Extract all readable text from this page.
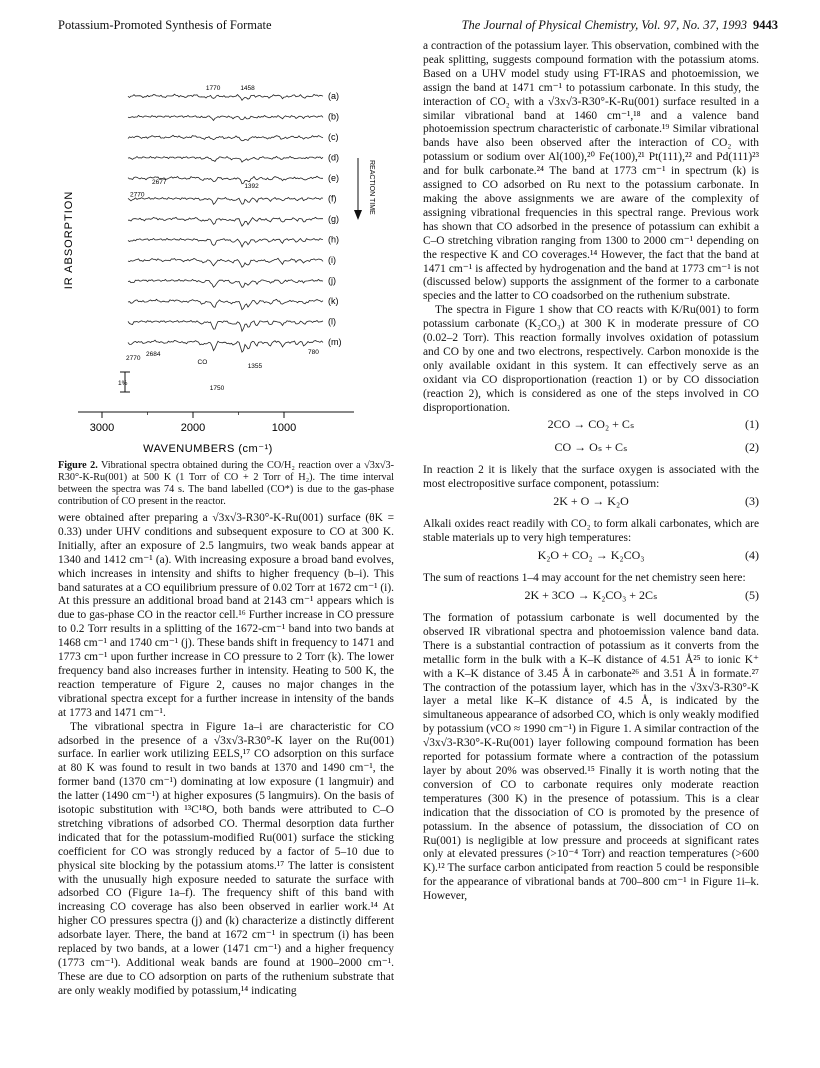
Potassium-Promoted Synthesis of Formate	The Journal of Physical Chemistry, Vol. 97, No. 37, 1993 9443
IR ABSORPTION
WAVENUMBERS (cm⁻¹)
(a)
(b)
(c)
(d)
(e)
(f)
(g)
(h)
(i)
(j)
(k)
(l)
(m)
1770	1458
2770
2677
1392
2770
2684
CO
1355
780
REACTION TIME
1%
1750
3000	2000	1000
Figure 2. Vibrational spectra obtained during the CO/H₂ reaction over a √3x√3-R30°-K-Ru(001) at 500 K (1 Torr of CO + 2 Torr of H₂). The time interval between the spectra was 74 s. The band labelled (CO*) is due to the gas-phase contribution of CO present in the reactor.

were obtained after preparing a √3x√3-R30°-K-Ru(001) surface (θK = 0.33) under UHV conditions and subsequent exposure to CO at 300 K. Initially, after an exposure of 2.5 langmuirs, two weak bands appear at 1340 and 1412 cm⁻¹ (a). With increasing exposure a broad band evolves, which increases in intensity and shifts to higher frequency (b–i). This band saturates at a CO equilibrium pressure of 0.02 Torr at 1672 cm⁻¹ (i). At this pressure an additional broad band at 2143 cm⁻¹ appears which is due to gas-phase CO in the reactor cell.¹⁶ Further increase in CO pressure to 0.2 Torr results in a splitting of the 1672-cm⁻¹ band into two bands at 1468 cm⁻¹ and 1740 cm⁻¹ (j). These bands shift in frequency to 1471 and 1773 cm⁻¹ upon further increase in CO pressure to 2 Torr (k). The lower frequency band also increases further in intensity. Heating to 500 K, the reaction temperature of Figure 2, causes no major changes in the vibrational spectra except for a further increase in intensity of the bands at 1773 and 1471 cm⁻¹.

The vibrational spectra in Figure 1a–i are characteristic for CO adsorbed in the presence of a √3x√3-R30°-K layer on the Ru(001) surface. In earlier work utilizing EELS,¹⁷ CO adsorption on this surface at 80 K was found to result in two bands at 1370 and 1490 cm⁻¹, the former band (1370 cm⁻¹) dominating at low exposure (1 langmuir) and the latter (1490 cm⁻¹) at higher exposures (5 langmuirs). On the basis of isotopic substitution with ¹³C¹⁸O, both bands were attributed to C–O stretching vibrations of adsorbed CO. Thermal desorption data further indicated that for the potassium-modified Ru(001) surface the sticking coefficient for CO was strongly reduced by a factor of 5–10 due to physical site blocking by the potassium atoms.¹⁷ The latter is consistent with the unusually high exposure needed to saturate the surface with adsorbed CO (Figure 1a–f). The frequency shift of this band with increasing CO coverage has also been observed in earlier work.¹⁴ At higher CO pressures spectra (j) and (k) characterize a distinctly different adsorbate layer. There, the band at 1672 cm⁻¹ in spectrum (i) has been replaced by two bands, at a lower (1471 cm⁻¹) and a higher frequency (1773 cm⁻¹). Additional weak bands are found at 1900–2000 cm⁻¹. These are due to CO adsorption on parts of the ruthenium substrate that are only weakly modified by potassium,¹⁴ indicating

a contraction of the potassium layer. This observation, combined with the peak splitting, suggests compound formation with the potassium atoms. Based on a UHV model study using FT-IRAS and photoemission, we assign the band at 1471 cm⁻¹ to potassium carbonate. In this study, the interaction of CO₂ with a √3x√3-R30°-K-Ru(001) surface resulted in a similar vibrational band at 1460 cm⁻¹,¹⁸ and a valence band photoemission spectrum characteristic of carbonate.¹⁹ Similar vibrational bands have also been observed after the interaction of CO₂ with potassium or sodium over Al(100),²⁰ Fe(100),²¹ Pt(111),²² and Pd(111)²³ and for bulk carbonate.²⁴ The band at 1773 cm⁻¹ in spectrum (k) is assigned to CO adsorbed on Ru next to the potassium carbonate. In making the above assignments we are aware of the complexity of assigning vibrational frequencies in this spectral range. Previous work has shown that CO adsorbed in the presence of potassium can exhibit a C–O stretching vibration ranging from 1300 to 2000 cm⁻¹ depending on the respective K and CO coverages.¹⁴ However, the fact that the band at 1471 cm⁻¹ is affected by hydrogenation and the band at 1773 cm⁻¹ is not (discussed below) supports the assignment of the former to a carbonate species and the latter to CO coadsorbed on the ruthenium substrate.

The spectra in Figure 1 show that CO reacts with K/Ru(001) to form potassium carbonate (K₂CO₃) at 300 K in moderate pressure of CO (0.02–2 Torr). This reaction formally involves oxidation of potassium and CO by one and two electrons, respectively. Carbon monoxide is the only available oxidant in this system. It can effectively serve as an oxidant via CO disproportionation (reaction 1) or by CO dissociation (reaction 2), which is considered as one of the steps involved in CO disproportionation.

2CO → CO₂ + Cₛ	(1)
CO → Oₛ + Cₛ	(2)

In reaction 2 it is likely that the surface oxygen is associated with the most electropositive surface component, potassium:

2K + O → K₂O	(3)

Alkali oxides react readily with CO₂ to form alkali carbonates, which are stable materials up to very high temperatures:

K₂O + CO₂ → K₂CO₃	(4)

The sum of reactions 1–4 may account for the net chemistry seen here:

2K + 3CO → K₂CO₃ + 2Cₛ	(5)

The formation of potassium carbonate is well documented by the observed IR vibrational spectra and photoemission valence band data. There is a substantial contraction of potassium as it converts from the metallic form in the bulk with a K–K distance of 4.51 Å²⁵ to ionic K⁺ with a K–K distance of 3.45 Å in carbonate²⁶ and 3.51 Å in formate.²⁷ The contraction of the potassium layer, which has in the √3x√3-R30°-K layer a metal like K–K distance of 4.5 Å, is indicated by the simultaneous appearance of adsorbed CO, which is only weakly modified by potassium (νCO ≈ 1990 cm⁻¹) in Figure 1. A similar contraction of the √3x√3-R30°-K-Ru(001) layer following compound formation has been reported for potassium formate where a contraction of the potassium layer by about 20% was observed.¹⁵ Finally it is worth noting that the conversion of CO to carbonate requires only moderate reaction temperatures (300 K) in the presence of potassium. This is a clear indication that the dissociation of CO is promoted by the presence of potassium. In the absence of potassium, the dissociation of CO on Ru(001) is negligible at low pressure and proceeds at significant rates only at elevated pressures (>10⁻⁴ Torr) and reaction temperatures (>600 K).¹² The surface carbon anticipated from reaction 5 could be responsible for the appearance of vibrational bands at 700–800 cm⁻¹ in Figure 1i–k. However,
